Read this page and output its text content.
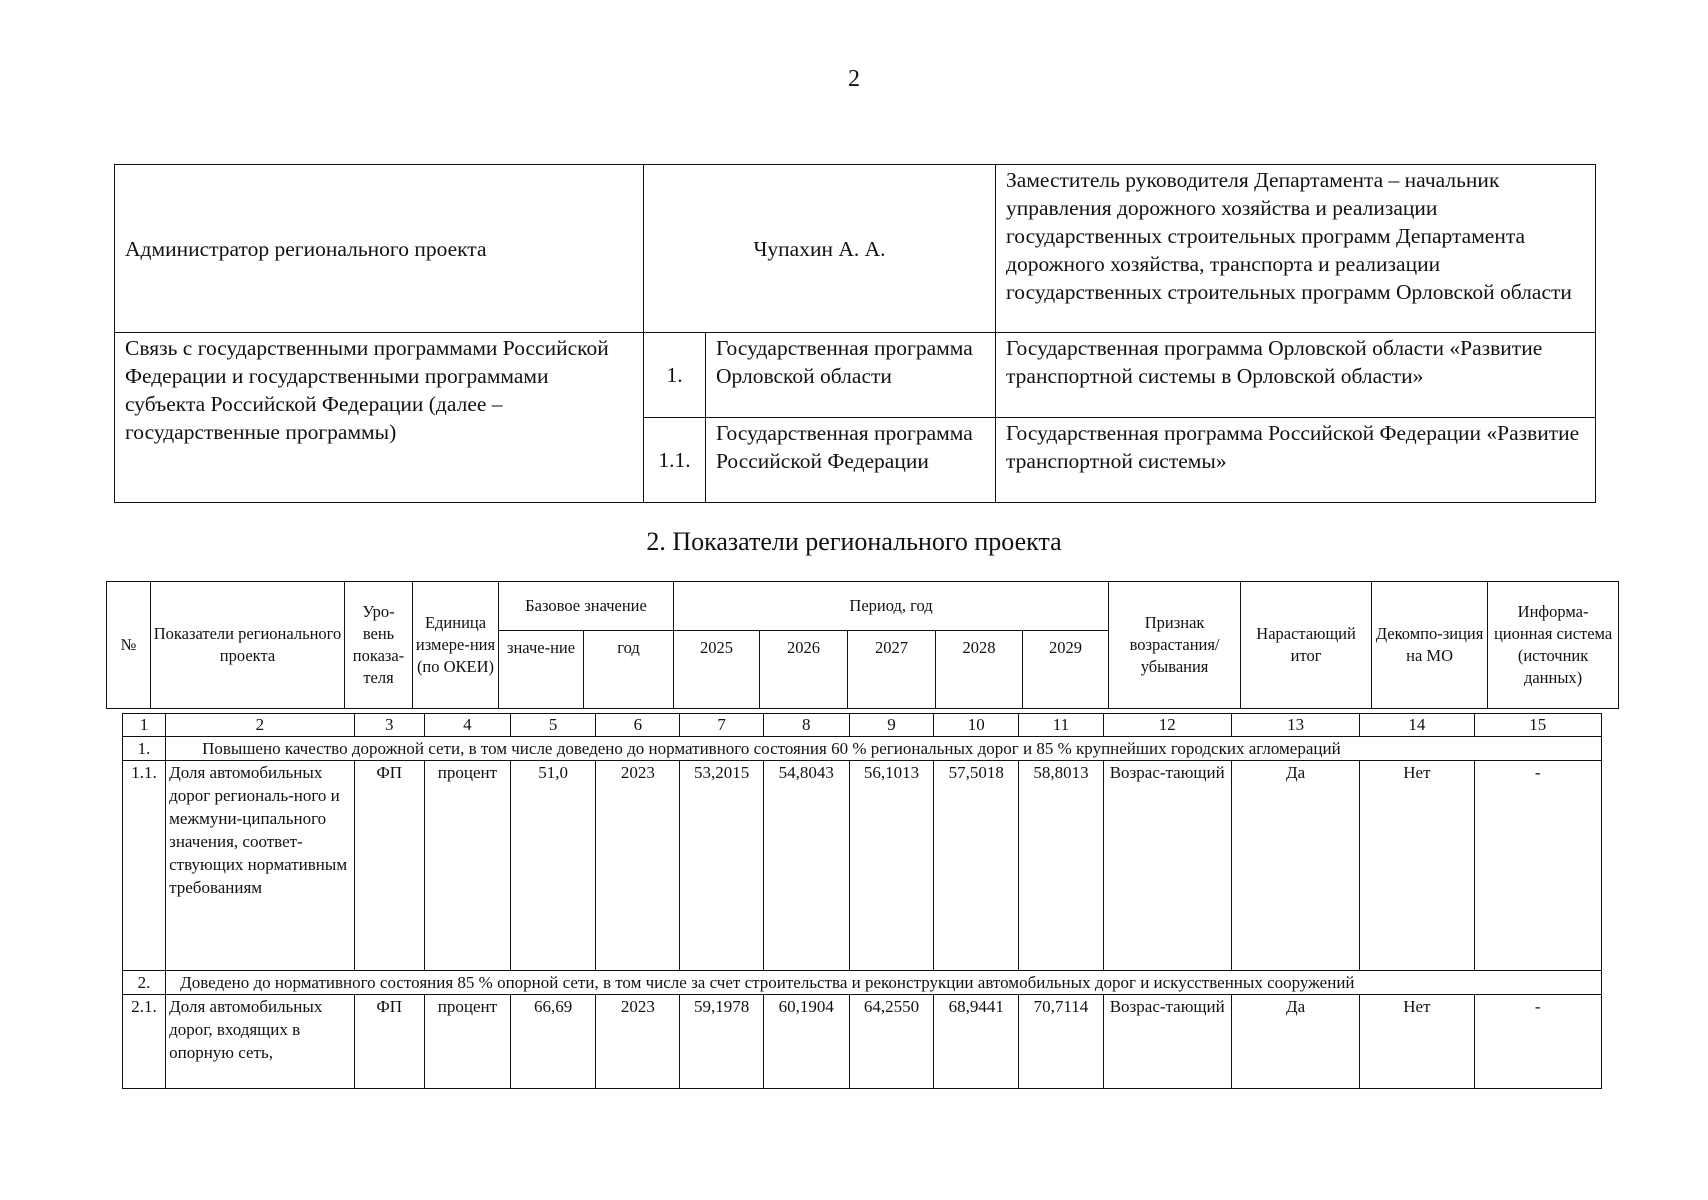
2
Администратор регионального проекта	Чупахин А. А.		Заместитель руководителя Департамента – начальник управления дорожного хозяйства и реализации государственных строительных программ Департамента дорожного хозяйства, транспорта и реализации государственных строительных программ Орловской области
Связь с государственными программами Российской Федерации и государственными программами субъекта Российской Федерации (далее – государственные программы)	1.	Государственная программа Орловской области	Государственная программа Орловской области «Развитие транспортной системы в Орловской области»
	1.1.	Государственная программа Российской Федерации	Государственная программа Российской Федерации «Развитие транспортной системы»
2. Показатели регионального проекта
№	Показатели регионального проекта	Уро-вень показа-теля	Единица измере-ния (по ОКЕИ)	Базовое значение		Период, год					Признак возрастания/ убывания	Нарастающий итог	Декомпо-зиция на МО	Информа-ционная система (источник данных)
				значе-ние	год	2025	2026	2027	2028	2029				
1	2	3	4	5	6	7	8	9	10	11	12	13	14	15
1.	Повышено качество дорожной сети, в том числе доведено до нормативного состояния 60 % региональных дорог и 85 % крупнейших городских агломераций													
1.1.	Доля автомобильных дорог региональ-ного и межмуни-ципального значения, соответ-ствующих нормативным требованиям	ФП	процент	51,0	2023	53,2015	54,8043	56,1013	57,5018	58,8013	Возрас-тающий	Да	Нет	-
2.	Доведено до нормативного состояния 85 % опорной сети, в том числе за счет строительства и реконструкции автомобильных дорог и искусственных сооружений													
2.1.	Доля автомобильных дорог, входящих в опорную сеть,	ФП	процент	66,69	2023	59,1978	60,1904	64,2550	68,9441	70,7114	Возрас-тающий	Да	Нет	-
